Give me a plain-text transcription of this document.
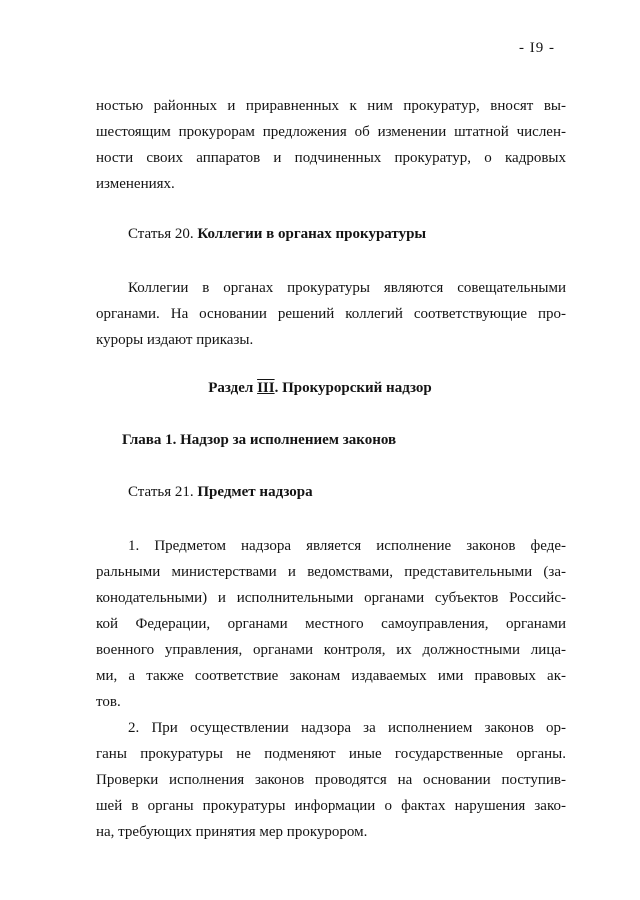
- I9 -
ностью районных и приравненных к ним прокуратур, вносят вы-
шестоящим прокурорам предложения об изменении штатной числен-
ности своих аппаратов и подчиненных прокуратур, о кадровых
изменениях.
Статья 20. Коллегии в органах прокуратуры
Коллегии в органах прокуратуры являются совещательными
органами. На основании решений коллегий соответствующие про-
куроры издают приказы.
Раздел III. Прокурорский надзор
Глава 1. Надзор за исполнением законов
Статья 21. Предмет надзора
1. Предметом надзора является исполнение законов феде-
ральными министерствами и ведомствами, представительными (за-
конодательными) и исполнительными органами субъектов Российс-
кой Федерации, органами местного самоуправления, органами
военного управления, органами контроля, их должностными лица-
ми, а также соответствие законам издаваемых ими правовых ак-
тов.
2. При осуществлении надзора за исполнением законов ор-
ганы прокуратуры не подменяют иные государственные органы.
Проверки исполнения законов проводятся на основании поступив-
шей в органы прокуратуры информации о фактах нарушения зако-
на, требующих принятия мер прокурором.
